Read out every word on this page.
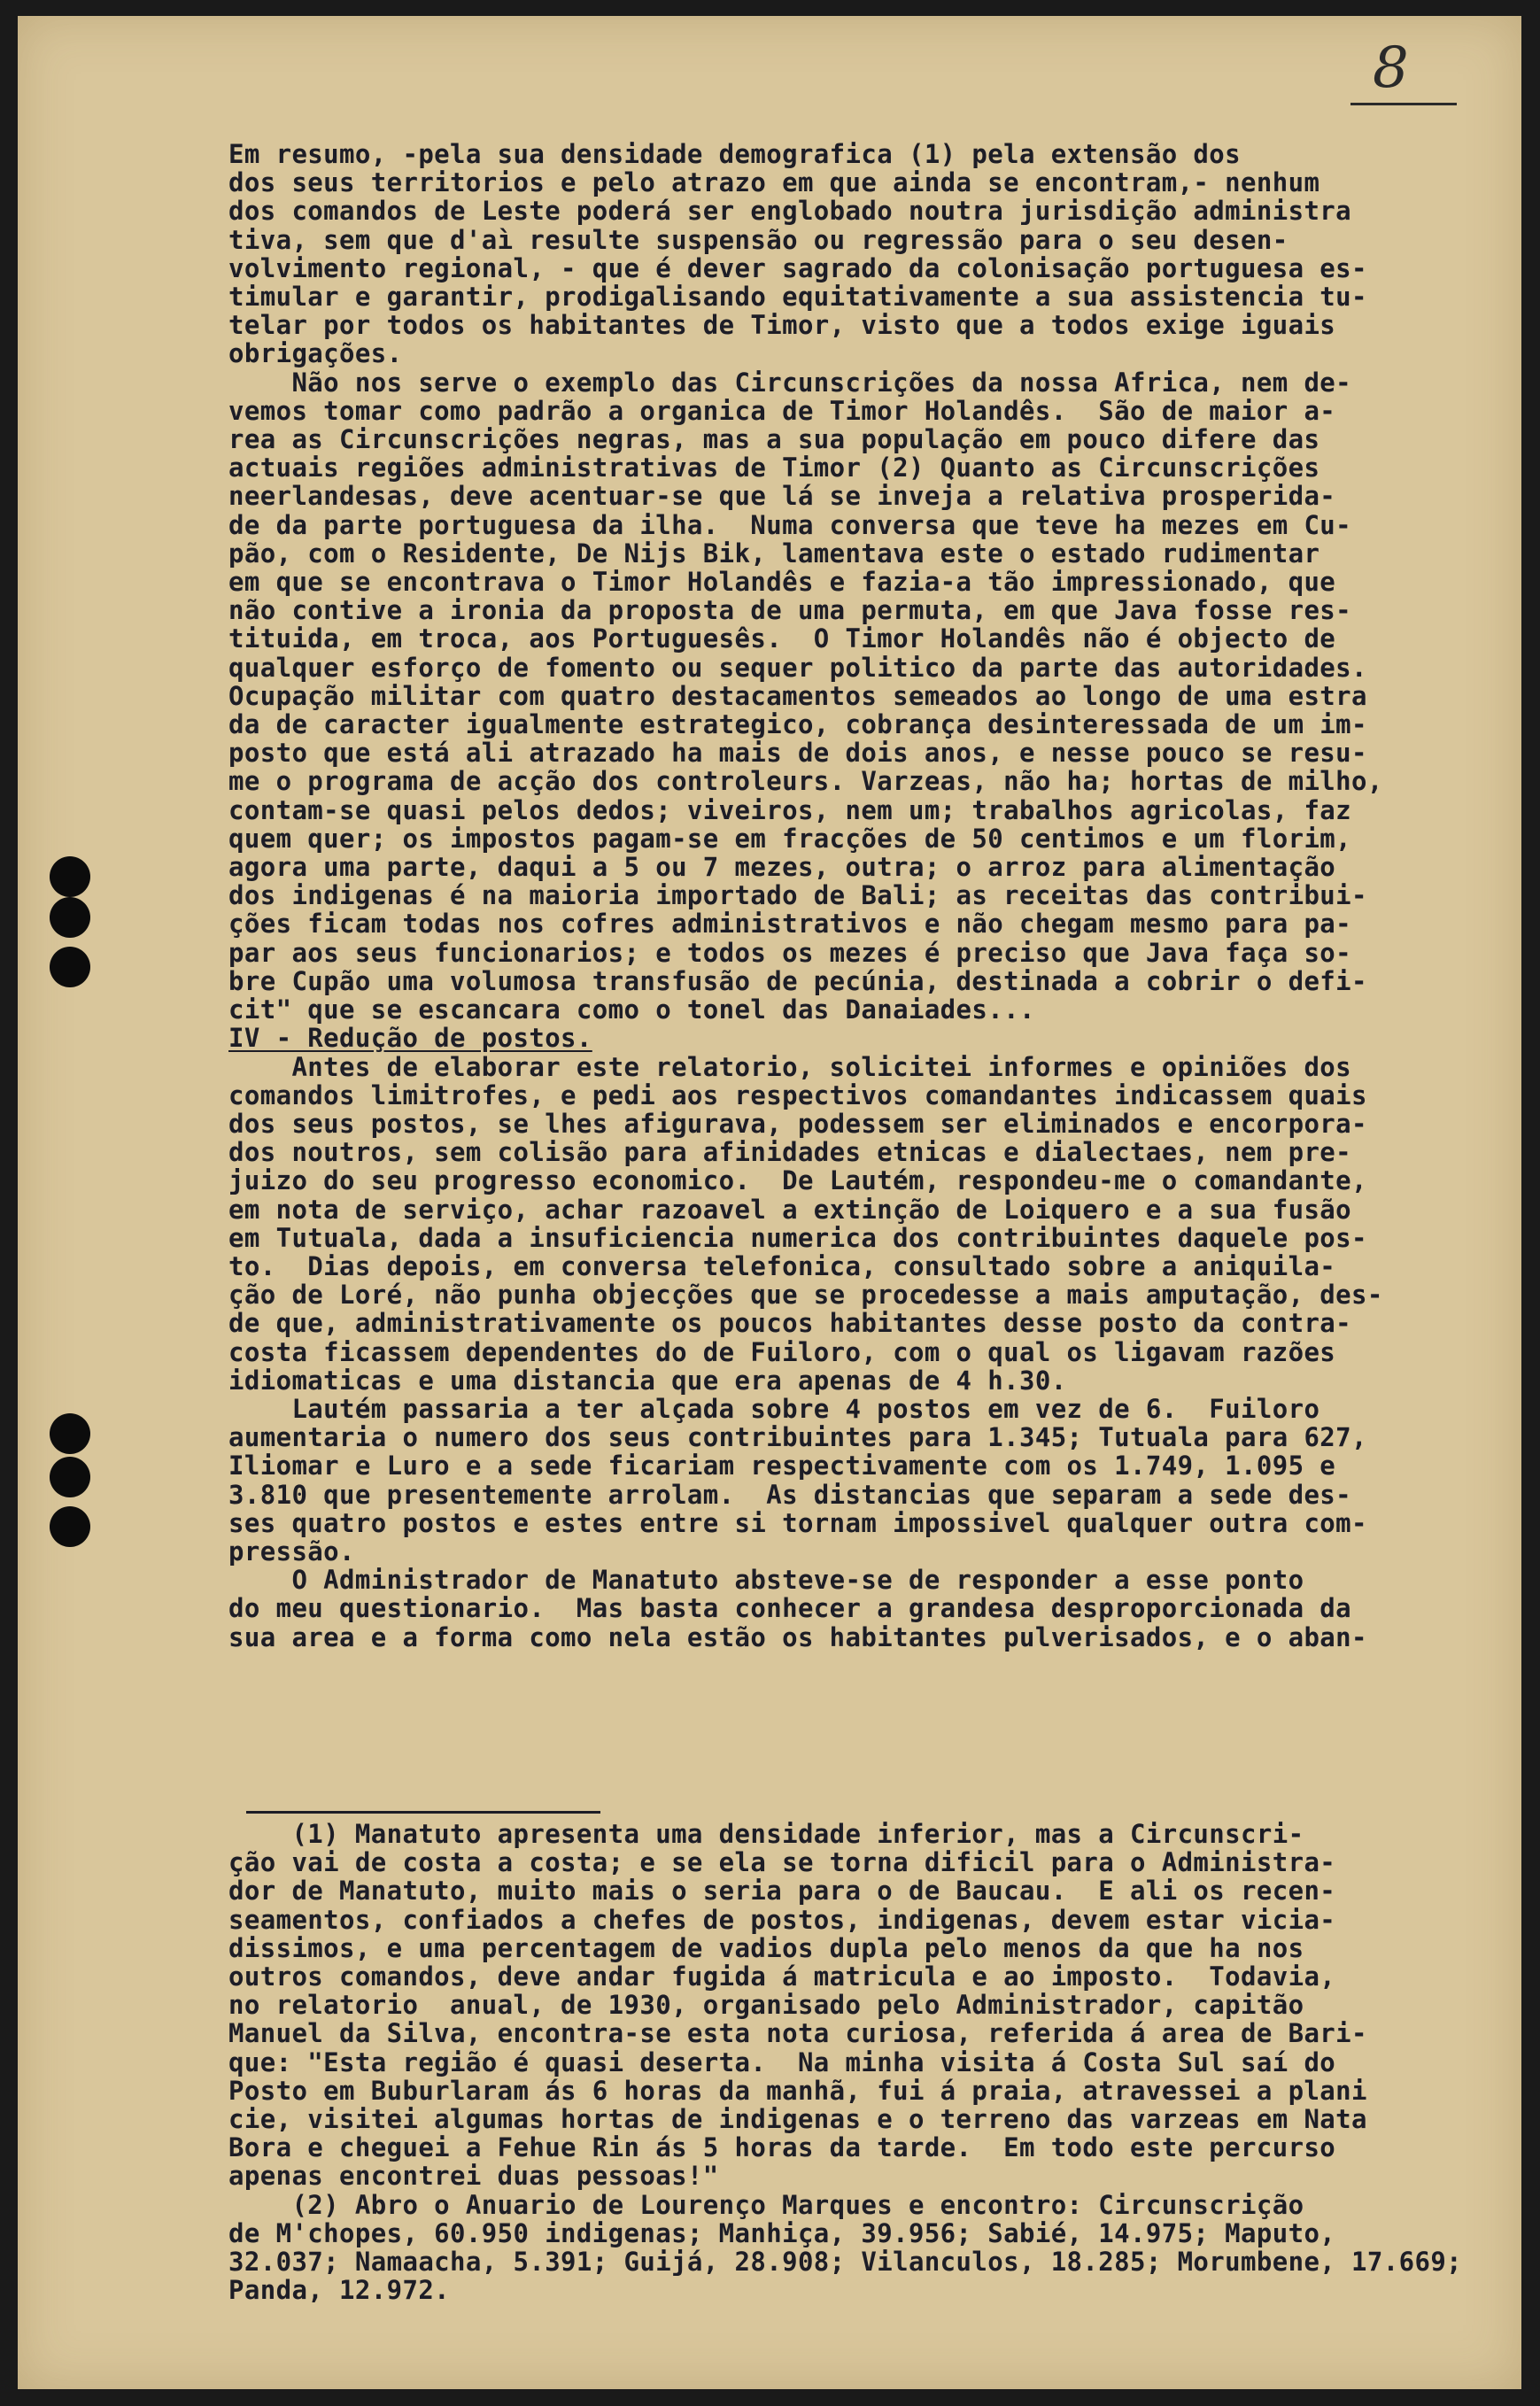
8
Em resumo, -pela sua densidade demografica (1) pela extensão dos
dos seus territorios e pelo atrazo em que ainda se encontram,- nenhum
dos comandos de Leste poderá ser englobado noutra jurisdição administra
tiva, sem que d'aì resulte suspensão ou regressão para o seu desen-
volvimento regional, - que é dever sagrado da colonisação portuguesa es-
timular e garantir, prodigalisando equitativamente a sua assistencia tu-
telar por todos os habitantes de Timor, visto que a todos exige iguais
obrigações.
Não nos serve o exemplo das Circunscrições da nossa Africa, nem de-
vemos tomar como padrão a organica de Timor Holandês.  São de maior a-
rea as Circunscrições negras, mas a sua população em pouco difere das
actuais regiões administrativas de Timor (2) Quanto as Circunscrições
neerlandesas, deve acentuar-se que lá se inveja a relativa prosperida-
de da parte portuguesa da ilha.  Numa conversa que teve ha mezes em Cu-
pão, com o Residente, De Nijs Bik, lamentava este o estado rudimentar
em que se encontrava o Timor Holandês e fazia-a tão impressionado, que
não contive a ironia da proposta de uma permuta, em que Java fosse res-
tituida, em troca, aos Portuguesês.  O Timor Holandês não é objecto de
qualquer esforço de fomento ou sequer politico da parte das autoridades.
Ocupação militar com quatro destacamentos semeados ao longo de uma estra
da de caracter igualmente estrategico, cobrança desinteressada de um im-
posto que está ali atrazado ha mais de dois anos, e nesse pouco se resu-
me o programa de acção dos controleurs. Varzeas, não ha; hortas de milho,
contam-se quasi pelos dedos; viveiros, nem um; trabalhos agricolas, faz
quem quer; os impostos pagam-se em fracções de 50 centimos e um florim,
agora uma parte, daqui a 5 ou 7 mezes, outra; o arroz para alimentação
dos indigenas é na maioria importado de Bali; as receitas das contribui-
ções ficam todas nos cofres administrativos e não chegam mesmo para pa-
par aos seus funcionarios; e todos os mezes é preciso que Java faça so-
bre Cupão uma volumosa transfusão de pecúnia, destinada a cobrir o defi-
cit" que se escancara como o tonel das Danaiades...
IV - Redução de postos.
Antes de elaborar este relatorio, solicitei informes e opiniões dos
comandos limitrofes, e pedi aos respectivos comandantes indicassem quais
dos seus postos, se lhes afigurava, podessem ser eliminados e encorpora-
dos noutros, sem colisão para afinidades etnicas e dialectaes, nem pre-
juizo do seu progresso economico.  De Lautém, respondeu-me o comandante,
em nota de serviço, achar razoavel a extinção de Loiquero e a sua fusão
em Tutuala, dada a insuficiencia numerica dos contribuintes daquele pos-
to.  Dias depois, em conversa telefonica, consultado sobre a aniquila-
ção de Loré, não punha objecções que se procedesse a mais amputação, des-
de que, administrativamente os poucos habitantes desse posto da contra-
costa ficassem dependentes do de Fuiloro, com o qual os ligavam razões
idiomaticas e uma distancia que era apenas de 4 h.30.
Lautém passaria a ter alçada sobre 4 postos em vez de 6.  Fuiloro
aumentaria o numero dos seus contribuintes para 1.345; Tutuala para 627,
Iliomar e Luro e a sede ficariam respectivamente com os 1.749, 1.095 e
3.810 que presentemente arrolam.  As distancias que separam a sede des-
ses quatro postos e estes entre si tornam impossivel qualquer outra com-
pressão.
O Administrador de Manatuto absteve-se de responder a esse ponto
do meu questionario.  Mas basta conhecer a grandesa desproporcionada da
sua area e a forma como nela estão os habitantes pulverisados, e o aban-
(1) Manatuto apresenta uma densidade inferior, mas a Circunscri-
ção vai de costa a costa; e se ela se torna dificil para o Administra-
dor de Manatuto, muito mais o seria para o de Baucau.  E ali os recen-
seamentos, confiados a chefes de postos, indigenas, devem estar vicia-
dissimos, e uma percentagem de vadios dupla pelo menos da que ha nos
outros comandos, deve andar fugida á matricula e ao imposto.  Todavia,
no relatorio  anual, de 1930, organisado pelo Administrador, capitão
Manuel da Silva, encontra-se esta nota curiosa, referida á area de Bari-
que: "Esta região é quasi deserta.  Na minha visita á Costa Sul saí do
Posto em Buburlaram ás 6 horas da manhã, fui á praia, atravessei a plani
cie, visitei algumas hortas de indigenas e o terreno das varzeas em Nata
Bora e cheguei a Fehue Rin ás 5 horas da tarde.  Em todo este percurso
apenas encontrei duas pessoas!"
(2) Abro o Anuario de Lourenço Marques e encontro: Circunscrição
de M'chopes, 60.950 indigenas; Manhiça, 39.956; Sabié, 14.975; Maputo,
32.037; Namaacha, 5.391; Guijá, 28.908; Vilanculos, 18.285; Morumbene, 17.669;
Panda, 12.972.
